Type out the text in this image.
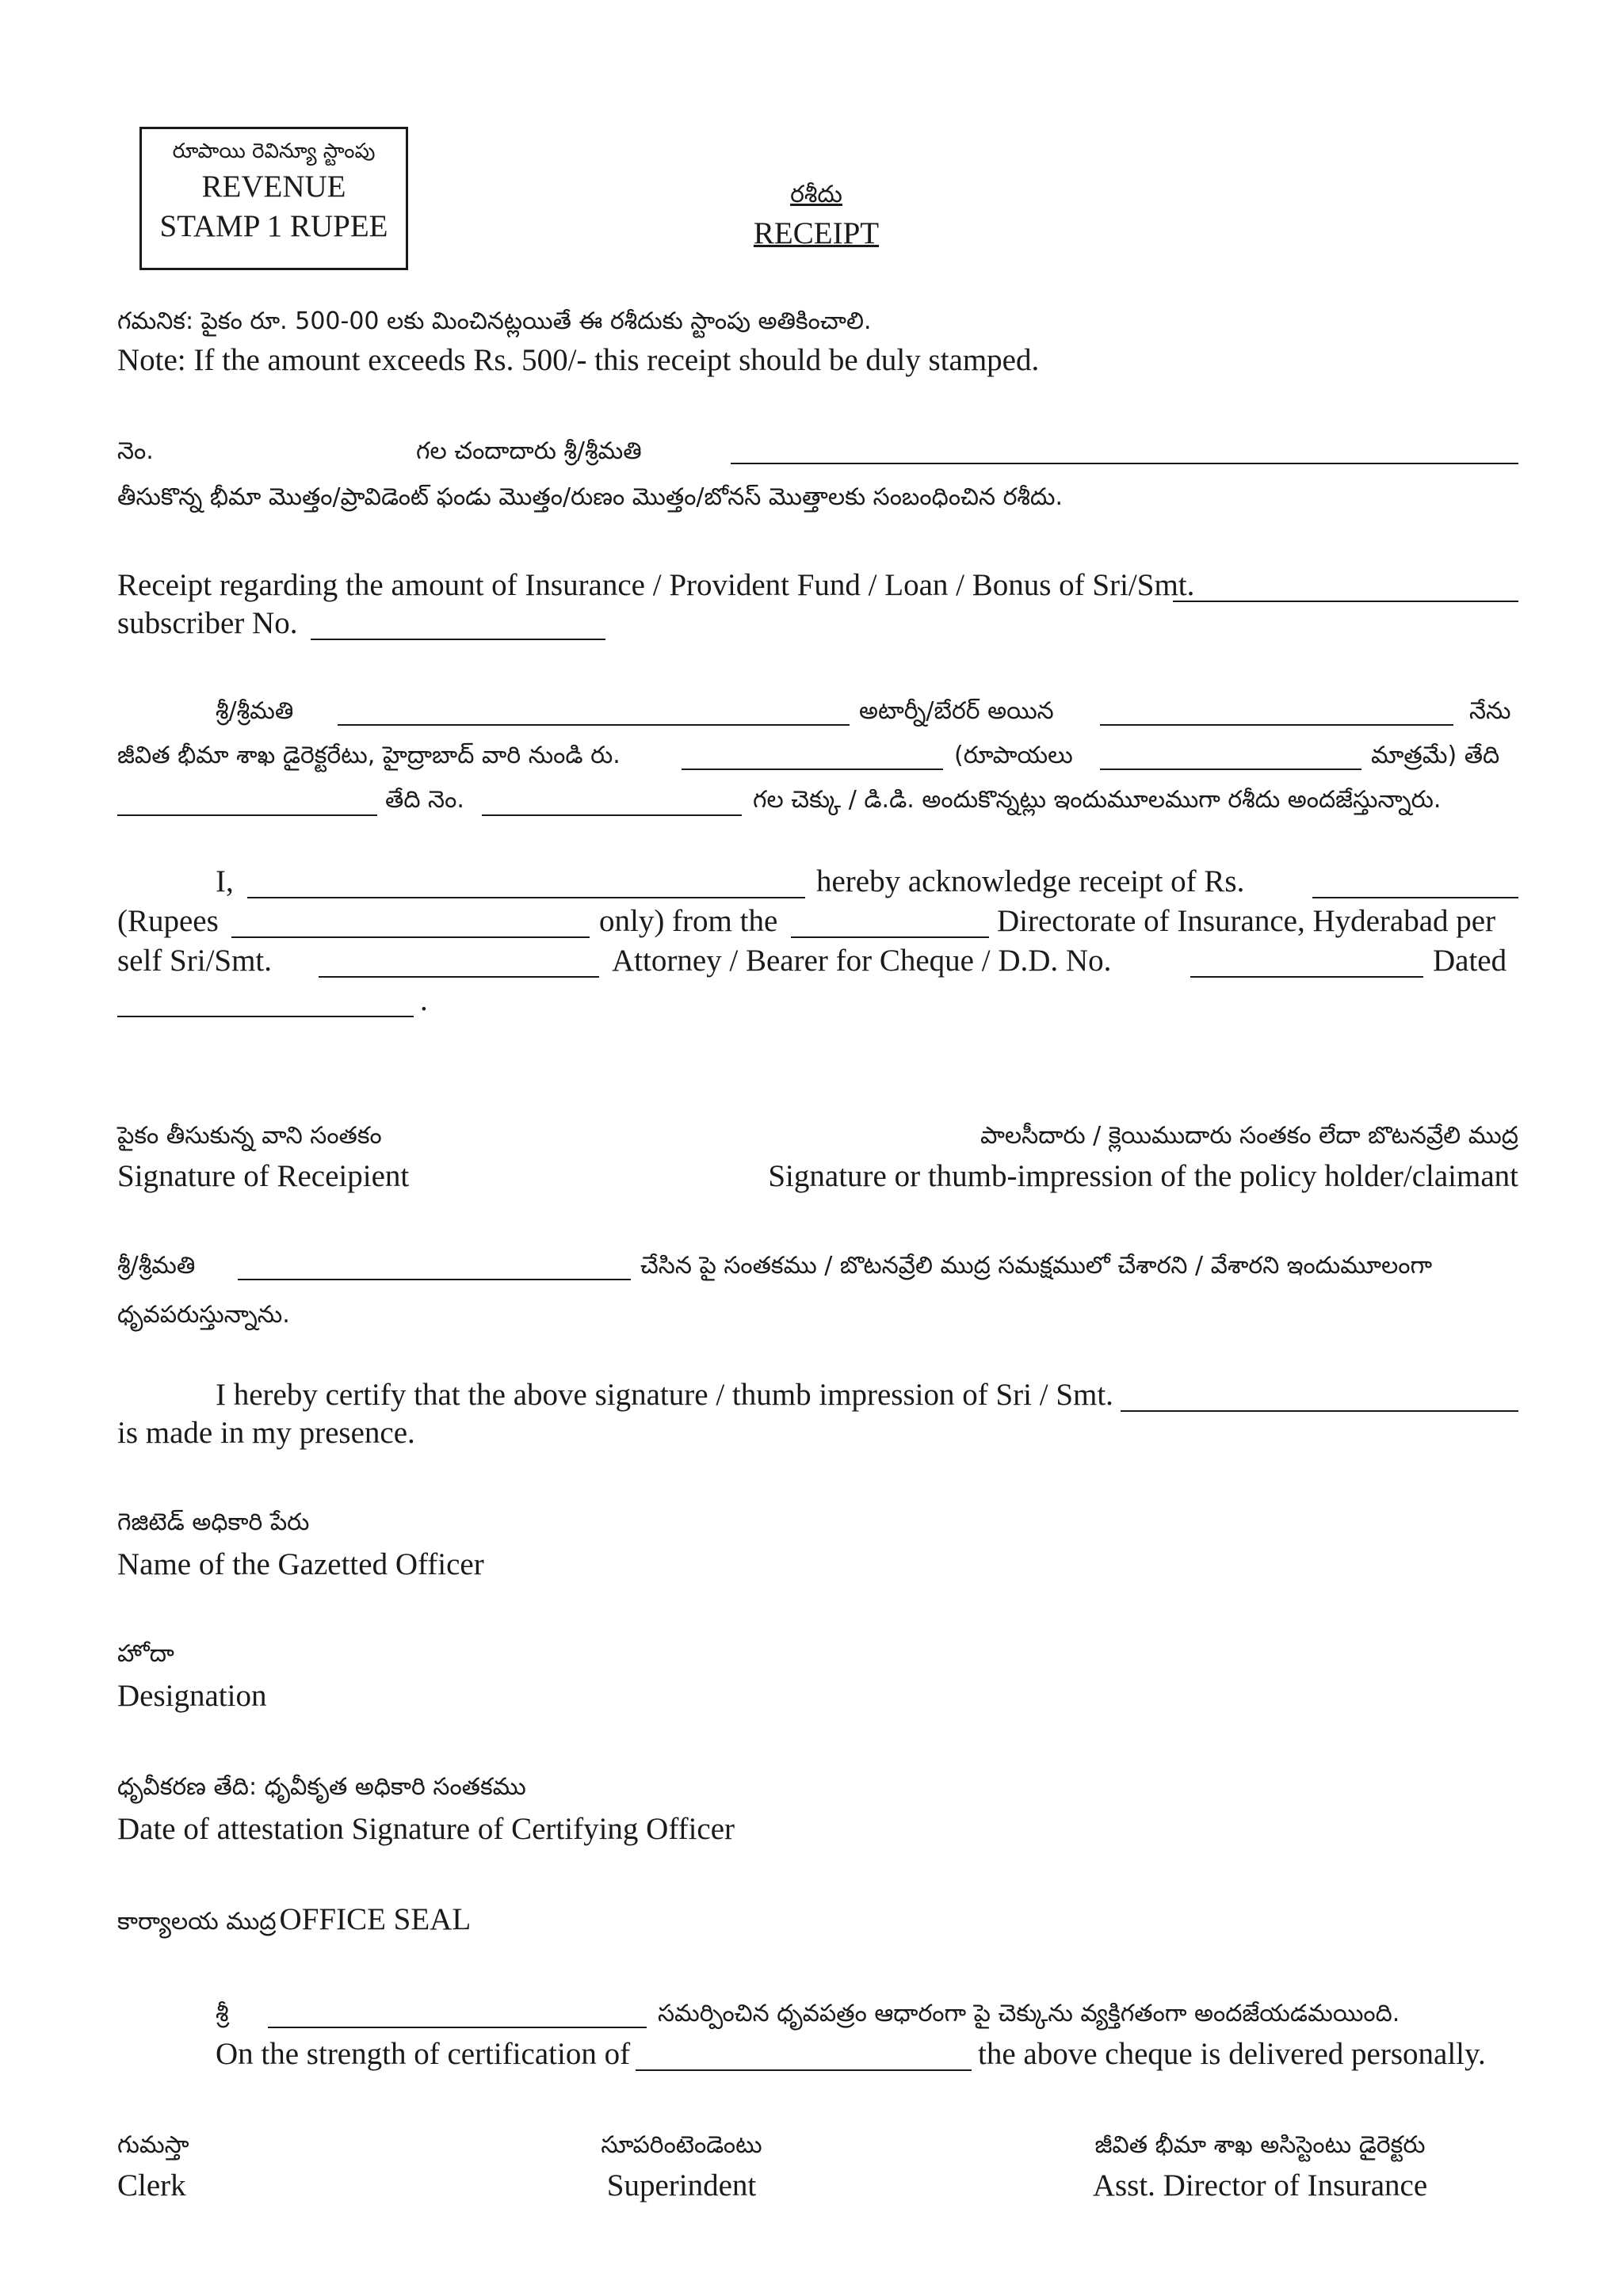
రూపాయి రెవిన్యూ స్టాంపు
REVENUE
STAMP 1 RUPEE
రశీదు
RECEIPT
గమనిక: పైకం రూ. 500-00 లకు మించినట్లయితే ఈ రశీదుకు స్టాంపు అతికించాలి.
Note: If the amount exceeds Rs. 500/- this receipt should be duly stamped.
నెం.	గల చందాదారు శ్రీ/శ్రీమతి
తీసుకొన్న భీమా మొత్తం/ప్రావిడెంట్ ఫండు మొత్తం/రుణం మొత్తం/బోనస్ మొత్తాలకు సంబంధించిన రశీదు.
Receipt regarding the amount of Insurance / Provident Fund / Loan / Bonus of Sri/Smt.
subscriber No.
శ్రీ/శ్రీమతి	అటార్నీ/బేరర్ అయిన	నేను
జీవిత భీమా శాఖ డైరెక్టరేటు, హైద్రాబాద్ వారి నుండి రు.	(రూపాయలు	మాత్రమే) తేది
తేది నెం.	గల చెక్కు / డి.డి. అందుకొన్నట్లు ఇందుమూలముగా రశీదు అందజేస్తున్నారు.
I,	hereby acknowledge receipt of Rs.
(Rupees	only) from the	Directorate of Insurance, Hyderabad per
self Sri/Smt.	Attorney / Bearer for Cheque / D.D. No.	Dated
.
పైకం తీసుకున్న వాని సంతకం
Signature of Receipient
పాలసీదారు / క్లెయిముదారు సంతకం లేదా బొటనవ్రేలి ముద్ర
Signature or thumb-impression of the policy holder/claimant
శ్రీ/శ్రీమతి	చేసిన పై సంతకము / బొటనవ్రేలి ముద్ర సమక్షములో చేశారని / వేశారని ఇందుమూలంగా
ధృవపరుస్తున్నాను.
I hereby certify that the above signature / thumb impression of Sri / Smt.
is made in my presence.
గెజిటెడ్ అధికారి పేరు
Name of the Gazetted Officer
హోదా
Designation
ధృవీకరణ తేది: ధృవీకృత అధికారి సంతకము
Date of attestation Signature of Certifying Officer
కార్యాలయ ముద్ర OFFICE SEAL
శ్రీ	సమర్పించిన ధృవపత్రం ఆధారంగా పై చెక్కును వ్యక్తిగతంగా అందజేయడమయింది.
On the strength of certification of	the above cheque is delivered personally.
గుమస్తా
Clerk
సూపరింటెండెంటు
Superindent
జీవిత భీమా శాఖ అసిస్టెంటు డైరెక్టరు
Asst. Director of Insurance
